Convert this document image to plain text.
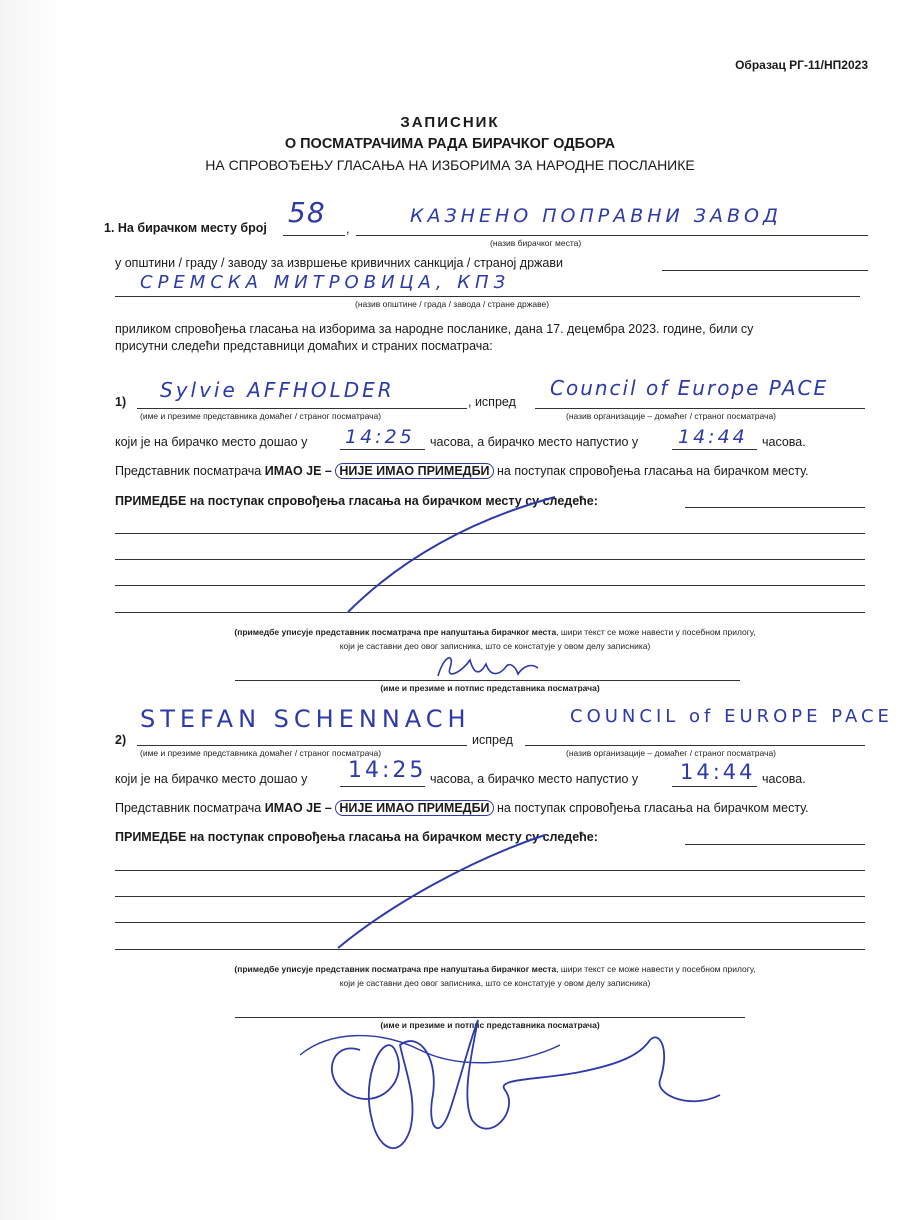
Образац РГ-11/НП2023
ЗАПИСНИК
О ПОСМАТРАЧИМА РАДА БИРАЧКОГ ОДБОРА
НА СПРОВОЂЕЊУ ГЛАСАЊА НА ИЗБОРИМА ЗА НАРОДНЕ ПОСЛАНИКЕ
1. На бирачком месту број 58 ,
КАЗНЕНО ПОПРАВНИ ЗАВОД
(назив бирачког места)
у општини / граду / заводу за извршење кривичних санкција / страној држави
СРЕМСКА МИТРОВИЦА, КПЗ
(назив општине / града / завода / стране државе)
приликом спровођења гласања на изборима за народне посланике, дана 17. децембра 2023. године, били су
присутни следећи представници домаћих и страних посматрача:
1) Sylvie AFFHOLDER	, испред
Council of Europe PACE
(име и презиме представника домаћег / страног посматрача)	(назив организације – домаћег / страног посматрача)
који је на бирачко место дошао у 14:25 часова, а бирачко место напустио у 14:44 часова.
Представник посматрача ИМАО ЈЕ – НИЈЕ ИМАО ПРИМЕДБИ на поступак спровођења гласања на бирачком месту.
ПРИМЕДБЕ на поступак спровођења гласања на бирачком месту су следеће:
(примедбе уписује представник посматрача пре напуштања бирачког места, шири текст се може навести у посебном прилогу,
који је саставни део овог записника, што се констатује у овом делу записника)
(име и презиме и потпис представника посматрача)
2)
STEFAN SCHENNACH
испред
COUNCIL of EUROPE PACE
(име и презиме представника домаћег / страног посматрача)	(назив организације – домаћег / страног посматрача)
који је на бирачко место дошао у 14:25 часова, а бирачко место напустио у 14:44 часова.
Представник посматрача ИМАО ЈЕ – НИЈЕ ИМАО ПРИМЕДБИ на поступак спровођења гласања на бирачком месту.
ПРИМЕДБЕ на поступак спровођења гласања на бирачком месту су следеће:
(примедбе уписује представник посматрача пре напуштања бирачког места, шири текст се може навести у посебном прилогу,
који је саставни део овог записника, што се констатује у овом делу записника)
(име и презиме и потпис представника посматрача)
